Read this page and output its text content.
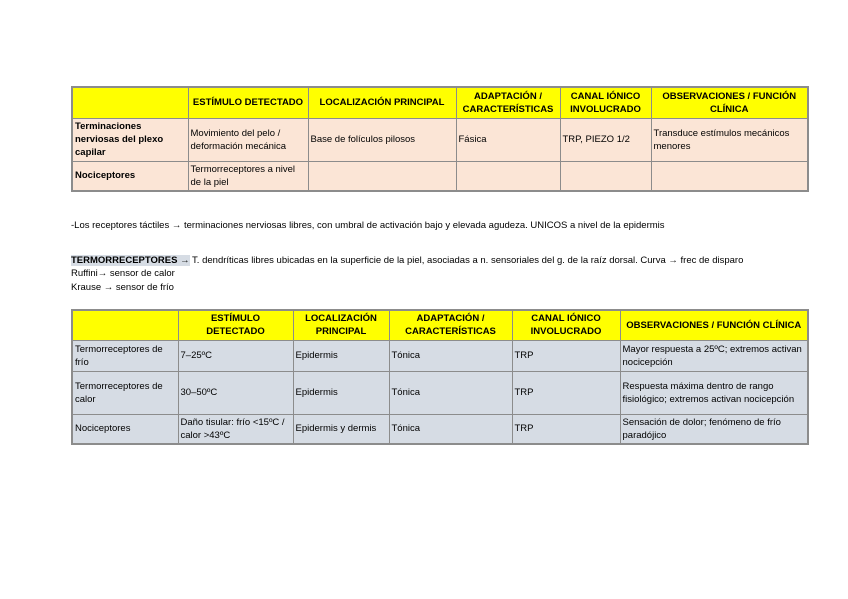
	ESTÍMULO DETECTADO	LOCALIZACIÓN PRINCIPAL	ADAPTACIÓN / CARACTERÍSTICAS	CANAL IÓNICO INVOLUCRADO	OBSERVACIONES / FUNCIÓN CLÍNICA
Terminaciones nerviosas del plexo capilar	Movimiento del pelo / deformación mecánica	Base de folículos pilosos	Fásica	TRP, PIEZO 1/2	Transduce estímulos mecánicos menores
Nociceptores	Termorreceptores a nivel de la piel				
-Los receptores táctiles → terminaciones nerviosas libres, con umbral de activación bajo y elevada agudeza. UNICOS a nivel de la epidermis
TERMORRECEPTORES → T. dendríticas libres ubicadas en la superficie de la piel, asociadas a n. sensoriales del g. de la raíz dorsal. Curva → frec de disparo
Ruffini→ sensor de calor
Krause → sensor de frío
	ESTÍMULO DETECTADO	LOCALIZACIÓN PRINCIPAL	ADAPTACIÓN / CARACTERÍSTICAS	CANAL IÓNICO INVOLUCRADO	OBSERVACIONES / FUNCIÓN CLÍNICA
Termorreceptores de frío	7–25ºC	Epidermis	Tónica	TRP	Mayor respuesta a 25ºC; extremos activan nocicepción
Termorreceptores de calor	30–50ºC	Epidermis	Tónica	TRP	Respuesta máxima dentro de rango fisiológico; extremos activan nocicepción
Nociceptores	Daño tisular: frío <15ºC / calor >43ºC	Epidermis y dermis	Tónica	TRP	Sensación de dolor; fenómeno de frío paradójico
